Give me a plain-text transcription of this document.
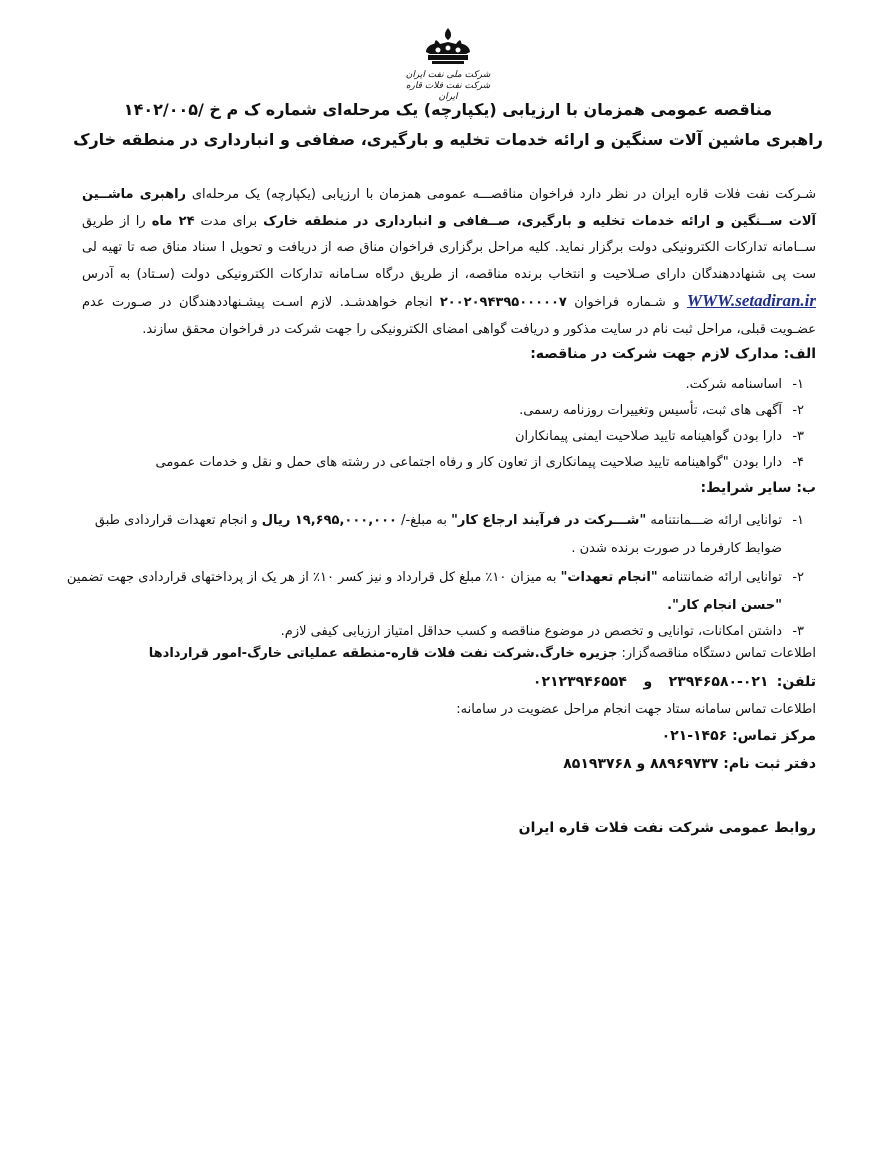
شرکت ملی نفت ایران
شرکت نفت فلات قاره ایران
مناقصه عمومی همزمان با ارزیابی (یکپارچه) یک مرحله‌ای شماره ک م خ /۱۴۰۲/۰۰۵
راهبری ماشین آلات سنگین و ارائه خدمات تخلیه و بارگیری، صفافی و انبارداری در منطقه خارک
شـرکت نفت فلات قاره ایران در نظر دارد فراخوان مناقصـــه عمومی همزمان با ارزیابی (یکپارچه) یک مرحله‌ای راهبری ماشــین آلات ســنگین و ارائه خدمات تخلیه و بارگیری، صــفافی و انبارداری در منطقه خارک برای مدت ۲۴ ماه را از طریق ســامانه تدارکات الکترونیکی دولت برگزار نماید. کلیه مراحل برگزاری فراخوان مناق صه از دریافت و تحویل ا سناد مناق صه تا تهیه لی ست پی شنهاددهندگان دارای صـلاحیت و انتخاب برنده مناقصه، از طریق درگاه سـامانه تدارکات الکترونیکی دولت (سـتاد) به آدرس WWW.setadiran.ir و شـماره فراخوان ۲۰۰۲۰۹۴۳۹۵۰۰۰۰۰۷ انجام خواهدشـد. لازم اسـت پیشـنهاددهندگان در صـورت عدم عضـویت قبلی، مراحل ثبت نام در سایت مذکور و دریافت گواهی امضای الکترونیکی را جهت شرکت در فراخوان محقق سازند.
الف: مدارک لازم جهت شرکت در مناقصه:
۱-
اساسنامه شرکت.
۲-
آگهی های ثبت، تأسیس وتغییرات روزنامه رسمی.
۳-
دارا بودن گواهینامه تایید صلاحیت ایمنی پیمانکاران
۴-
دارا بودن "گواهینامه تایید صلاحیت پیمانکاری از تعاون کار و رفاه اجتماعی در رشته های حمل و نقل و خدمات عمومی
ب: سایر شرایط:
۱-
توانایی ارائه ضـــمانتنامه "شـــرکت در فرآیند ارجاع کار" به مبلغ-/ ۱۹,۶۹۵,۰۰۰,۰۰۰ ریال و انجام تعهدات قراردادی طبق ضوابط کارفرما در صورت برنده شدن .
۲-
توانایی ارائه ضمانتنامه "انجام تعهدات" به میزان ۱۰٪ مبلغ کل قرارداد و نیز کسر ۱۰٪ از هر یک از پرداختهای قراردادی جهت تضمین "حسن انجام کار".
۳-
داشتن امکانات، توانایی و تخصص در موضوع مناقصه و کسب حداقل امتیاز ارزیابی کیفی لازم.
اطلاعات تماس دستگاه مناقصه‌گزار: جزیره خارگ.شرکت نفت فلات قاره-منطقه عملیاتی خارگ-امور قراردادها
تلفن:  ۰۲۱-۲۳۹۴۶۵۸۰    و    ۰۲۱۲۳۹۴۶۵۵۴
اطلاعات تماس سامانه ستاد جهت انجام مراحل عضویت در سامانه:
مرکز تماس: ۱۴۵۶-۰۲۱
دفتر ثبت نام: ۸۸۹۶۹۷۳۷ و ۸۵۱۹۳۷۶۸
روابط عمومی شرکت نفت فلات قاره ایران
